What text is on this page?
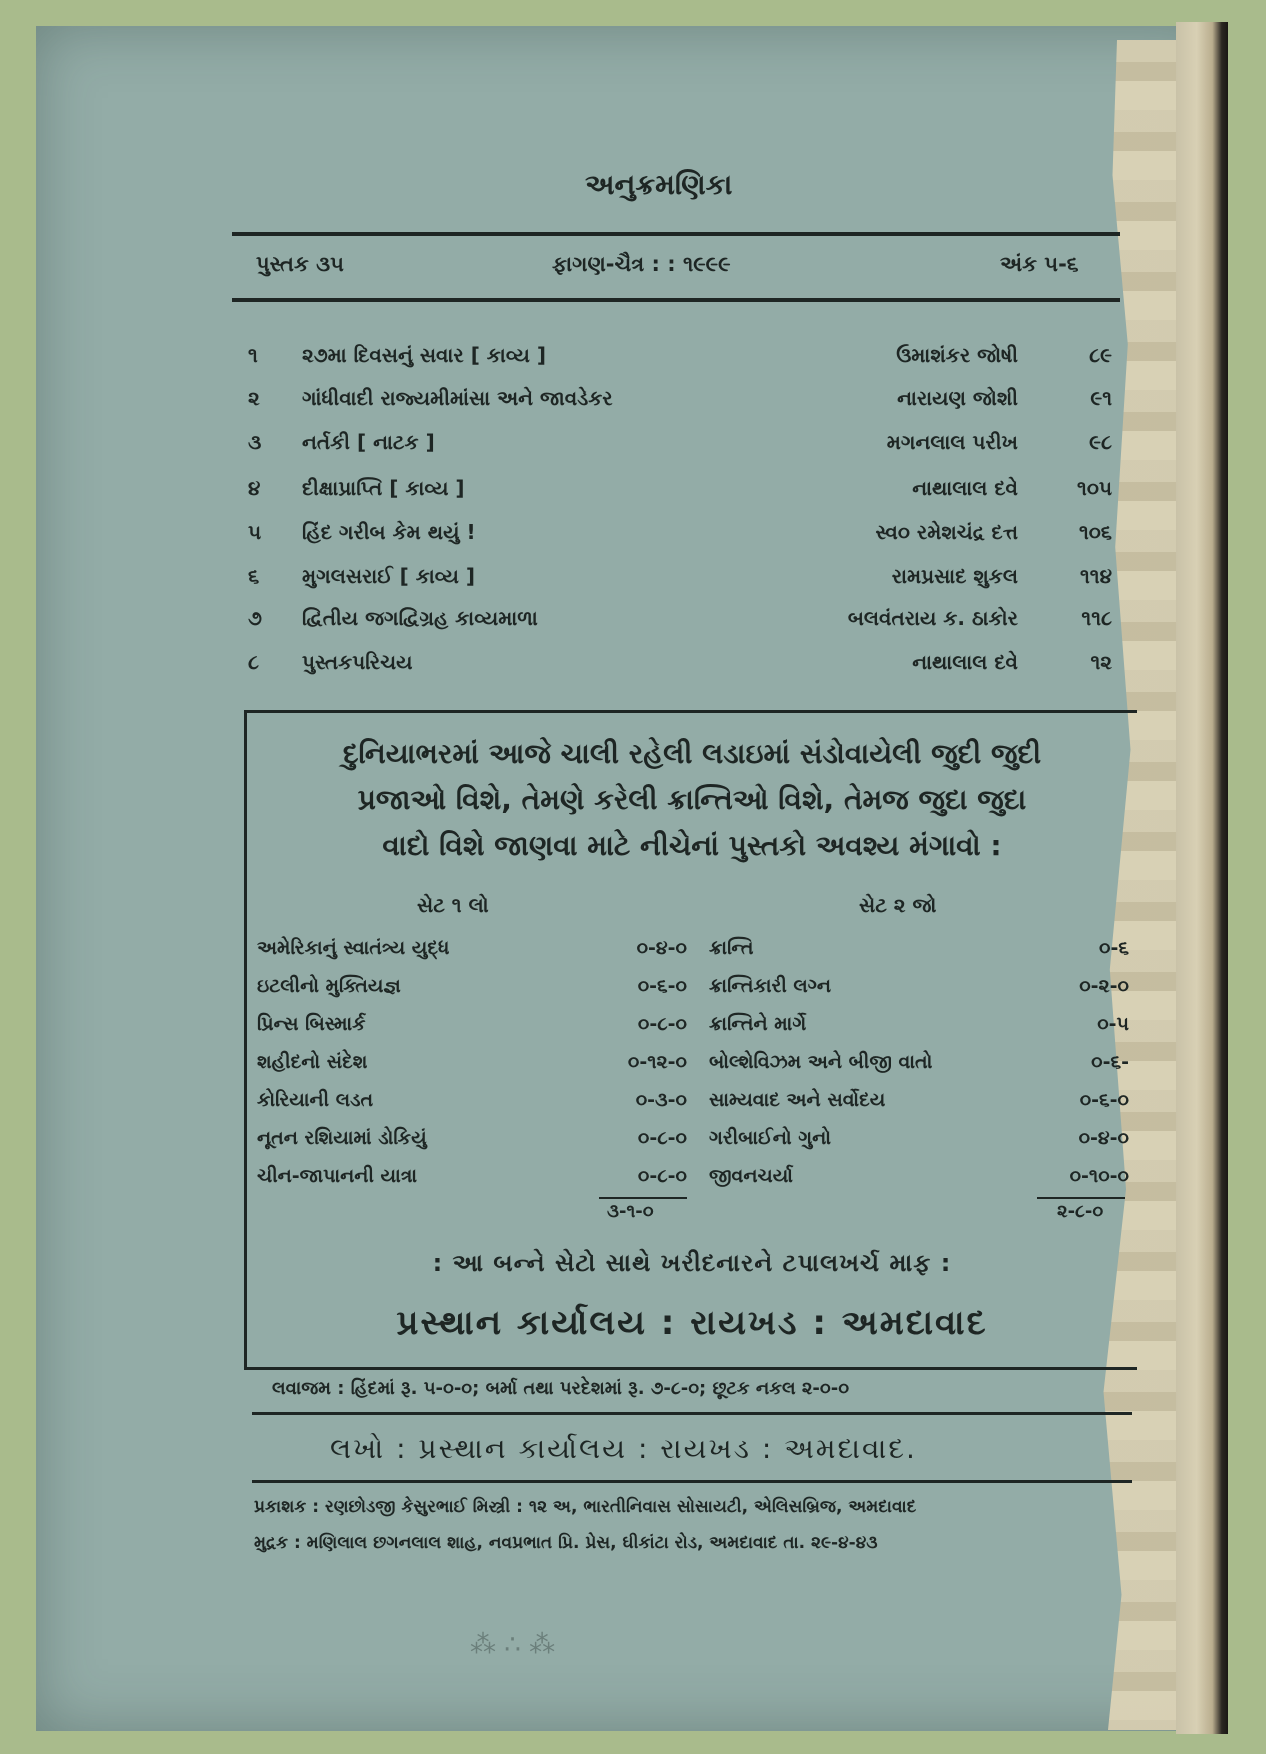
અનુક્રમણિકા
પુસ્તક ૩૫	ફાગણ-ચૈત્ર : : ૧૯૯૯	અંક ૫-૬
૧ ૨૭મા દિવસનું સવાર [ કાવ્ય ]	ઉમાશંકર જોષી	૮૯
૨ ગાંધીવાદી રાજ્યમીમાંસા અને જાવડેકર	નારાયણ જોશી	૯૧
૩ નર્તકી [ નાટક ]	મગનલાલ પરીખ	૯૮
૪ દીક્ષાપ્રાપ્તિ [ કાવ્ય ]	નાથાલાલ દવે	૧૦૫
૫ હિંદ ગરીબ કેમ થયું !	સ્વ૦ રમેશચંદ્ર દત્ત	૧૦૬
૬ મુગલસરાઈ [ કાવ્ય ]	રામપ્રસાદ શુકલ	૧૧૪
૭ દ્વિતીય જગદ્વિગ્રહ કાવ્યમાળા	બલવંતરાય ક. ઠાકોર	૧૧૮
૮ પુસ્તકપરિચય	નાથાલાલ દવે	૧૨
દુનિયાભરમાં આજે ચાલી રહેલી લડાઇમાં સંડોવાયેલી જુદી જુદી
પ્રજાઓ વિશે, તેમણે કરેલી ક્રાન્તિઓ વિશે, તેમજ જુદા જુદા
વાદો વિશે જાણવા માટે નીચેનાં પુસ્તકો અવશ્ય મંગાવો :
સેટ ૧ લો	સેટ ૨ જો
અમેરિકાનું સ્વાતંત્ર્ય યુદ્ધ	૦-૪-૦
ઇટલીનો મુક્તિયજ્ઞ	૦-૬-૦
પ્રિન્સ બિસ્માર્ક	૦-૮-૦
શહીદનો સંદેશ	૦-૧૨-૦
કોરિયાની લડત	૦-૩-૦
નૂતન રશિયામાં ડોકિયું	૦-૮-૦
ચીન-જાપાનની યાત્રા	૦-૮-૦
૩-૧-૦
ક્રાન્તિ	૦-૬
ક્રાન્તિકારી લગ્ન	૦-૨-૦
ક્રાન્તિને માર્ગે	૦-૫
બોલ્શેવિઝમ અને બીજી વાતો	૦-૬-
સામ્યવાદ અને સર્વોદય	૦-૬-૦
ગરીબાઈનો ગુનો	૦-૪-૦
જીવનચર્યા	૦-૧૦-૦
૨-૮-૦
: આ બન્ને સેટો સાથે ખરીદનારને ટપાલખર્ચ માફ :
પ્રસ્થાન કાર્યાલય : રાયખડ : અમદાવાદ
લવાજમ : હિંદમાં રૂ. ૫-૦-૦; બર્મા તથા પરદેશમાં રૂ. ૭-૮-૦; છૂટક નકલ ૨-૦-૦
લખો : પ્રસ્થાન કાર્યાલય : રાયખડ : અમદાવાદ.
પ્રકાશક : રણછોડજી કેસુરભાઈ મિસ્ત્રી : ૧૨ અ, ભારતીનિવાસ સોસાયટી, એલિસબ્રિજ, અમદાવાદ
મુદ્રક : મણિલાલ છગનલાલ શાહ, નવપ્રભાત પ્રિ. પ્રેસ, ઘીકાંટા રોડ, અમદાવાદ તા. ૨૯-૪-૪૩
⁂ ∴ ⁂
